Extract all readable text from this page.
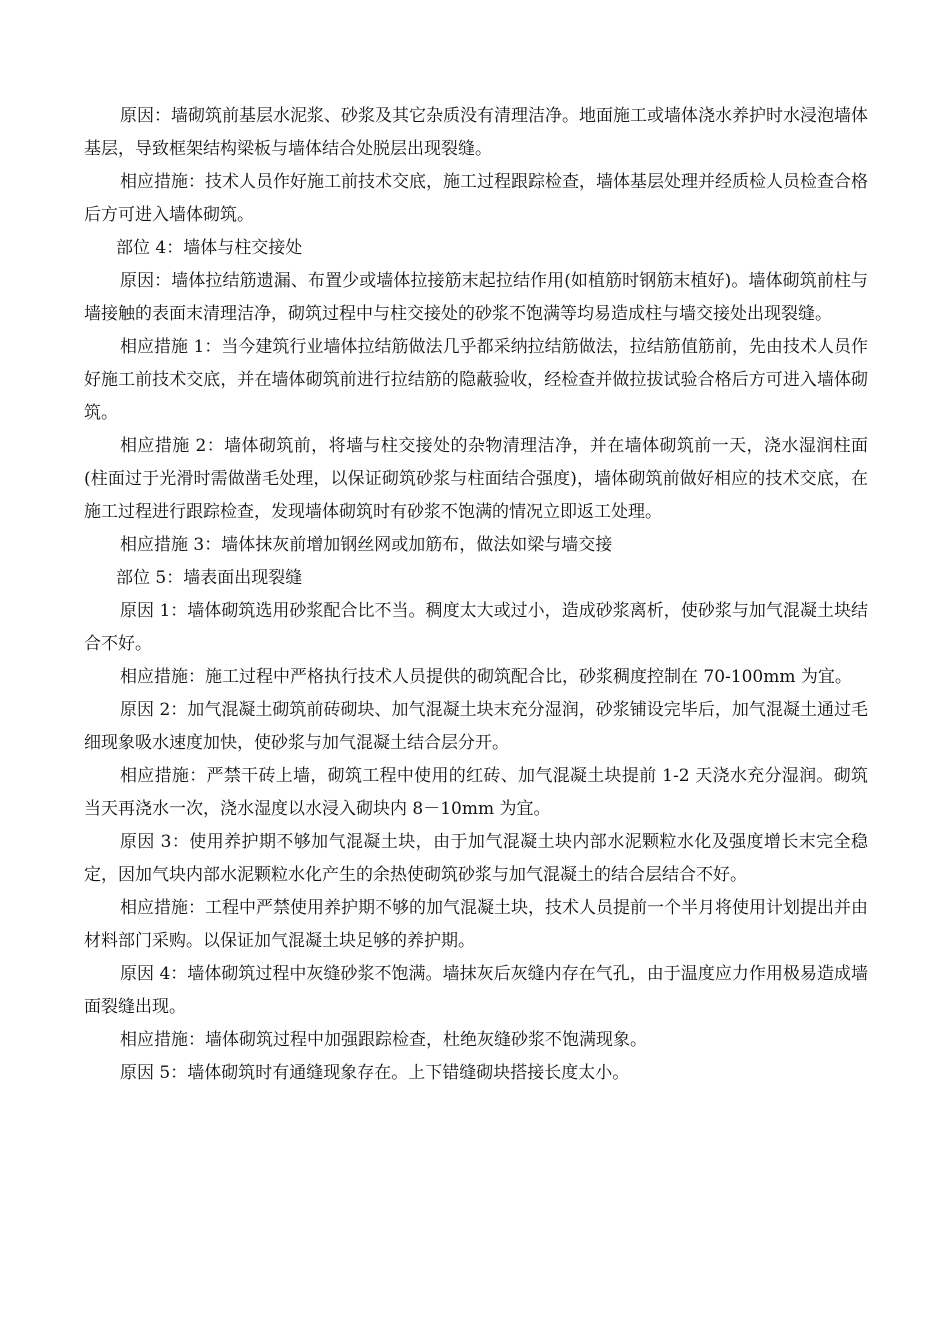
原因：墙砌筑前基层水泥浆、砂浆及其它杂质没有清理洁净。地面施工或墙体浇水养护时水浸泡墙体基层，导致框架结构梁板与墙体结合处脱层出现裂缝。

相应措施：技术人员作好施工前技术交底，施工过程跟踪检查，墙体基层处理并经质检人员检查合格后方可进入墙体砌筑。

部位 4：墙体与柱交接处

原因：墙体拉结筋遗漏、布置少或墙体拉接筋末起拉结作用(如植筋时钢筋末植好)。墙体砌筑前柱与墙接触的表面末清理洁净，砌筑过程中与柱交接处的砂浆不饱满等均易造成柱与墙交接处出现裂缝。

相应措施 1：当今建筑行业墙体拉结筋做法几乎都采纳拉结筋做法，拉结筋值筋前，先由技术人员作好施工前技术交底，并在墙体砌筑前进行拉结筋的隐蔽验收，经检查并做拉拔试验合格后方可进入墙体砌筑。

相应措施 2：墙体砌筑前，将墙与柱交接处的杂物清理洁净，并在墙体砌筑前一天，浇水湿润柱面(柱面过于光滑时需做凿毛处理，以保证砌筑砂浆与柱面结合强度)，墙体砌筑前做好相应的技术交底，在施工过程进行跟踪检查，发现墙体砌筑时有砂浆不饱满的情况立即返工处理。

相应措施 3：墙体抹灰前增加钢丝网或加筋布，做法如梁与墙交接

部位 5：墙表面出现裂缝

原因 1：墙体砌筑选用砂浆配合比不当。稠度太大或过小，造成砂浆离析，使砂浆与加气混凝土块结合不好。

相应措施：施工过程中严格执行技术人员提供的砌筑配合比，砂浆稠度控制在 70-100mm 为宜。

原因 2：加气混凝土砌筑前砖砌块、加气混凝土块末充分湿润，砂浆铺设完毕后，加气混凝土通过毛细现象吸水速度加快，使砂浆与加气混凝土结合层分开。

相应措施：严禁干砖上墙，砌筑工程中使用的红砖、加气混凝土块提前 1-2 天浇水充分湿润。砌筑当天再浇水一次，浇水湿度以水浸入砌块内 8－10mm 为宜。

原因 3：使用养护期不够加气混凝土块，由于加气混凝土块内部水泥颗粒水化及强度增长末完全稳定，因加气块内部水泥颗粒水化产生的余热使砌筑砂浆与加气混凝土的结合层结合不好。

相应措施：工程中严禁使用养护期不够的加气混凝土块，技术人员提前一个半月将使用计划提出并由材料部门采购。以保证加气混凝土块足够的养护期。

原因 4：墙体砌筑过程中灰缝砂浆不饱满。墙抹灰后灰缝内存在气孔，由于温度应力作用极易造成墙面裂缝出现。

相应措施：墙体砌筑过程中加强跟踪检查，杜绝灰缝砂浆不饱满现象。

原因 5：墙体砌筑时有通缝现象存在。上下错缝砌块搭接长度太小。
